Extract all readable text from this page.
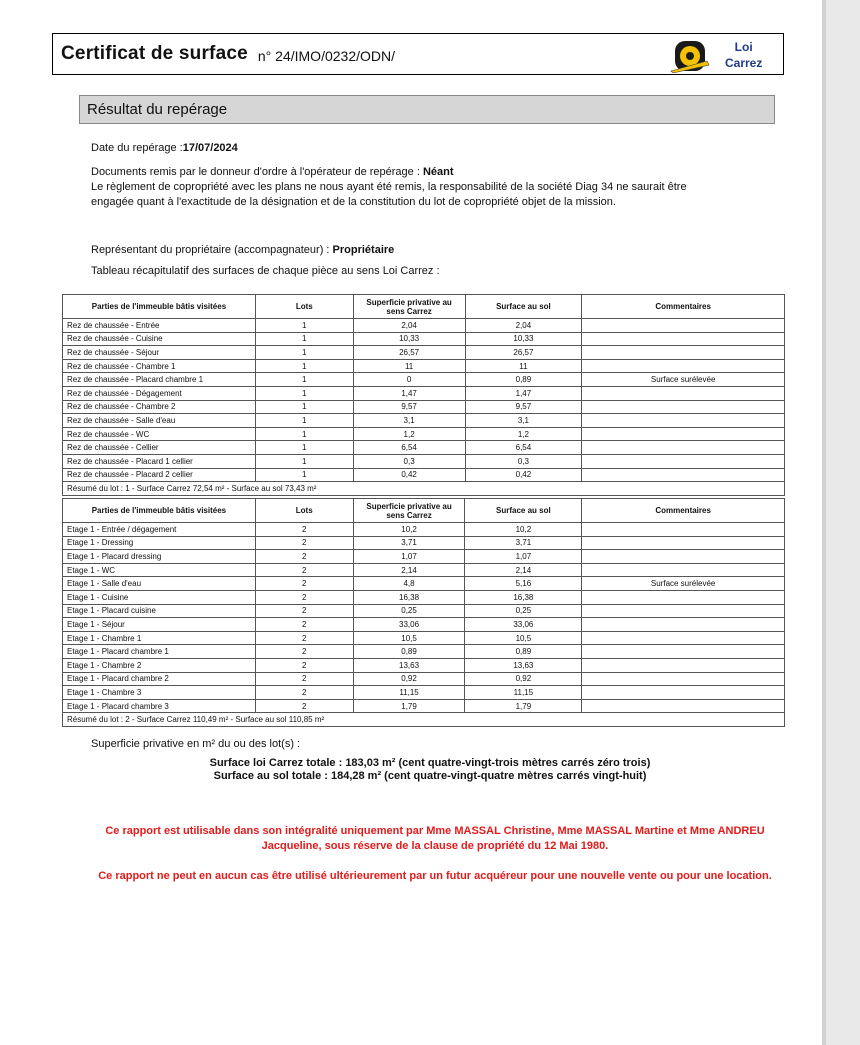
Certificat de surface n° 24/IMO/0232/ODN/
Loi
Carrez
Résultat du repérage
Date du repérage :17/07/2024
Documents remis par le donneur d'ordre à l'opérateur de repérage : Néant
Le règlement de copropriété avec les plans ne nous ayant été remis, la responsabilité de la société Diag 34 ne saurait être
engagée quant à l'exactitude de la désignation et de la constitution du lot de copropriété objet de la mission.
Représentant du propriétaire (accompagnateur) : Propriétaire
Tableau récapitulatif des surfaces de chaque pièce au sens Loi Carrez :
Parties de l'immeuble bâtis visitées	Lots	Superficie privative au sens Carrez	Surface au sol	Commentaires
Rez de chaussée - Entrée	1	2,04	2,04	
Rez de chaussée - Cuisine	1	10,33	10,33	
Rez de chaussée - Séjour	1	26,57	26,57	
Rez de chaussée - Chambre 1	1	11	11	
Rez de chaussée - Placard chambre 1	1	0	0,89	Surface surélevée
Rez de chaussée - Dégagement	1	1,47	1,47	
Rez de chaussée - Chambre 2	1	9,57	9,57	
Rez de chaussée - Salle d'eau	1	3,1	3,1	
Rez de chaussée - WC	1	1,2	1,2	
Rez de chaussée - Cellier	1	6,54	6,54	
Rez de chaussée - Placard 1 cellier	1	0,3	0,3	
Rez de chaussée - Placard 2 cellier	1	0,42	0,42	
Résumé du lot : 1 - Surface Carrez 72,54 m² - Surface au sol 73,43 m²				
Parties de l'immeuble bâtis visitées	Lots	Superficie privative au sens Carrez	Surface au sol	Commentaires
Etage 1 - Entrée / dégagement	2	10,2	10,2	
Etage 1 - Dressing	2	3,71	3,71	
Etage 1 - Placard dressing	2	1,07	1,07	
Etage 1 - WC	2	2,14	2,14	
Etage 1 - Salle d'eau	2	4,8	5,16	Surface surélevée
Etage 1 - Cuisine	2	16,38	16,38	
Etage 1 - Placard cuisine	2	0,25	0,25	
Etage 1 - Séjour	2	33,06	33,06	
Etage 1 - Chambre 1	2	10,5	10,5	
Etage 1 - Placard chambre 1	2	0,89	0,89	
Etage 1 - Chambre 2	2	13,63	13,63	
Etage 1 - Placard chambre 2	2	0,92	0,92	
Etage 1 - Chambre 3	2	11,15	11,15	
Etage 1 - Placard chambre 3	2	1,79	1,79	
Résumé du lot : 2 - Surface Carrez 110,49 m² - Surface au sol 110,85 m²				
Superficie privative en m² du ou des lot(s) :
Surface loi Carrez totale : 183,03 m² (cent quatre-vingt-trois mètres carrés zéro trois)
Surface au sol totale : 184,28 m² (cent quatre-vingt-quatre mètres carrés vingt-huit)
Ce rapport est utilisable dans son intégralité uniquement par Mme MASSAL Christine, Mme MASSAL Martine et Mme ANDREU Jacqueline, sous réserve de la clause de propriété du 12 Mai 1980.
Ce rapport ne peut en aucun cas être utilisé ultérieurement par un futur acquéreur pour une nouvelle vente ou pour une location.
